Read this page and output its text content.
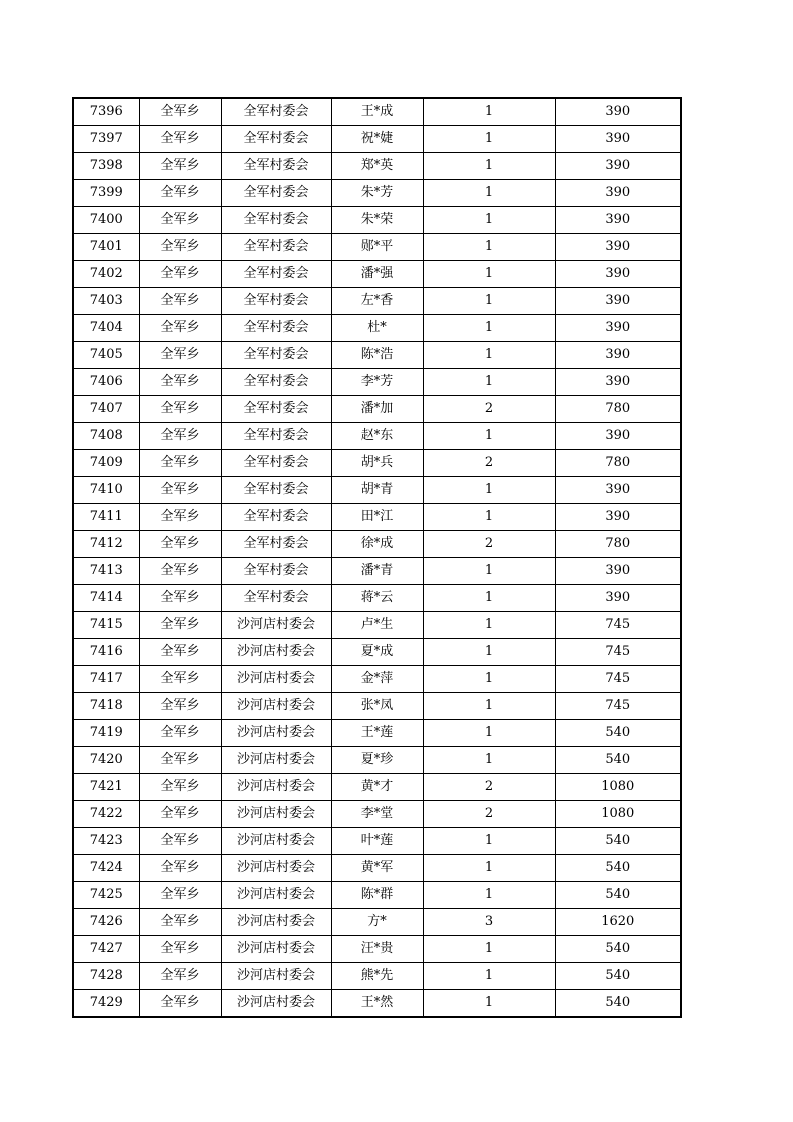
7396	全军乡	全军村委会	王*成	1	390
7397	全军乡	全军村委会	祝*婕	1	390
7398	全军乡	全军村委会	郑*英	1	390
7399	全军乡	全军村委会	朱*芳	1	390
7400	全军乡	全军村委会	朱*荣	1	390
7401	全军乡	全军村委会	郧*平	1	390
7402	全军乡	全军村委会	潘*强	1	390
7403	全军乡	全军村委会	左*香	1	390
7404	全军乡	全军村委会	杜*	1	390
7405	全军乡	全军村委会	陈*浩	1	390
7406	全军乡	全军村委会	李*芳	1	390
7407	全军乡	全军村委会	潘*加	2	780
7408	全军乡	全军村委会	赵*东	1	390
7409	全军乡	全军村委会	胡*兵	2	780
7410	全军乡	全军村委会	胡*青	1	390
7411	全军乡	全军村委会	田*江	1	390
7412	全军乡	全军村委会	徐*成	2	780
7413	全军乡	全军村委会	潘*青	1	390
7414	全军乡	全军村委会	蒋*云	1	390
7415	全军乡	沙河店村委会	卢*生	1	745
7416	全军乡	沙河店村委会	夏*成	1	745
7417	全军乡	沙河店村委会	金*萍	1	745
7418	全军乡	沙河店村委会	张*凤	1	745
7419	全军乡	沙河店村委会	王*莲	1	540
7420	全军乡	沙河店村委会	夏*珍	1	540
7421	全军乡	沙河店村委会	黄*才	2	1080
7422	全军乡	沙河店村委会	李*堂	2	1080
7423	全军乡	沙河店村委会	叶*莲	1	540
7424	全军乡	沙河店村委会	黄*军	1	540
7425	全军乡	沙河店村委会	陈*群	1	540
7426	全军乡	沙河店村委会	方*	3	1620
7427	全军乡	沙河店村委会	汪*贵	1	540
7428	全军乡	沙河店村委会	熊*先	1	540
7429	全军乡	沙河店村委会	王*然	1	540
